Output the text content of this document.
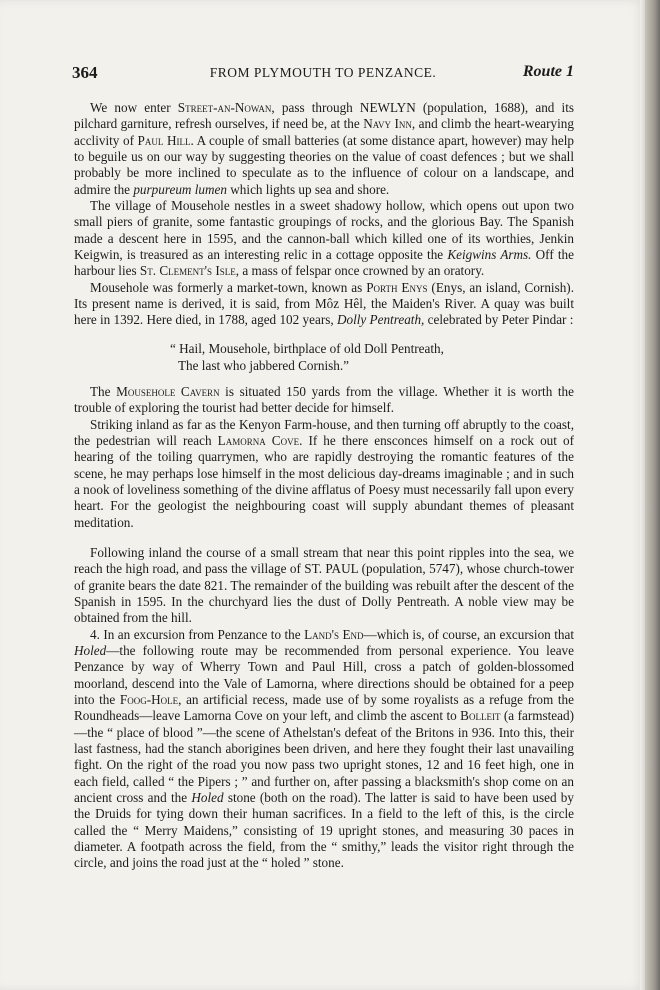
364	FROM PLYMOUTH TO PENZANCE.	Route 1

We now enter Street-an-Nowan, pass through NEWLYN (population, 1688), and its pilchard garniture, refresh ourselves, if need be, at the Navy Inn, and climb the heart-wearying acclivity of Paul Hill. A couple of small batteries (at some distance apart, however) may help to beguile us on our way by suggesting theories on the value of coast defences ; but we shall probably be more inclined to speculate as to the influence of colour on a landscape, and admire the purpureum lumen which lights up sea and shore.

The village of Mousehole nestles in a sweet shadowy hollow, which opens out upon two small piers of granite, some fantastic groupings of rocks, and the glorious Bay. The Spanish made a descent here in 1595, and the cannon-ball which killed one of its worthies, Jenkin Keigwin, is treasured as an interesting relic in a cottage opposite the Keigwins Arms. Off the harbour lies St. Clement's Isle, a mass of felspar once crowned by an oratory.

Mousehole was formerly a market-town, known as Porth Enys (Enys, an island, Cornish). Its present name is derived, it is said, from Môz Hêl, the Maiden's River. A quay was built here in 1392. Here died, in 1788, aged 102 years, Dolly Pentreath, celebrated by Peter Pindar :

“ Hail, Mousehole, birthplace of old Doll Pentreath,
The last who jabbered Cornish.”

The Mousehole Cavern is situated 150 yards from the village. Whether it is worth the trouble of exploring the tourist had better decide for himself.

Striking inland as far as the Kenyon Farm-house, and then turning off abruptly to the coast, the pedestrian will reach Lamorna Cove. If he there ensconces himself on a rock out of hearing of the toiling quarrymen, who are rapidly destroying the romantic features of the scene, he may perhaps lose himself in the most delicious day-dreams imaginable ; and in such a nook of loveliness something of the divine afflatus of Poesy must necessarily fall upon every heart. For the geologist the neighbouring coast will supply abundant themes of pleasant meditation.

Following inland the course of a small stream that near this point ripples into the sea, we reach the high road, and pass the village of ST. PAUL (population, 5747), whose church-tower of granite bears the date 821. The remainder of the building was rebuilt after the descent of the Spanish in 1595. In the churchyard lies the dust of Dolly Pentreath. A noble view may be obtained from the hill.

4. In an excursion from Penzance to the Land's End—which is, of course, an excursion that Holed—the following route may be recommended from personal experience. You leave Penzance by way of Wherry Town and Paul Hill, cross a patch of golden-blossomed moorland, descend into the Vale of Lamorna, where directions should be obtained for a peep into the Foog-Hole, an artificial recess, made use of by some royalists as a refuge from the Roundheads—leave Lamorna Cove on your left, and climb the ascent to Bolleit (a farmstead)—the “ place of blood ”—the scene of Athelstan's defeat of the Britons in 936. Into this, their last fastness, had the stanch aborigines been driven, and here they fought their last unavailing fight. On the right of the road you now pass two upright stones, 12 and 16 feet high, one in each field, called “ the Pipers ; ” and further on, after passing a blacksmith's shop come on an ancient cross and the Holed stone (both on the road). The latter is said to have been used by the Druids for tying down their human sacrifices. In a field to the left of this, is the circle called the “ Merry Maidens,” consisting of 19 upright stones, and measuring 30 paces in diameter. A footpath across the field, from the “ smithy,” leads the visitor right through the circle, and joins the road just at the “ holed ” stone.
